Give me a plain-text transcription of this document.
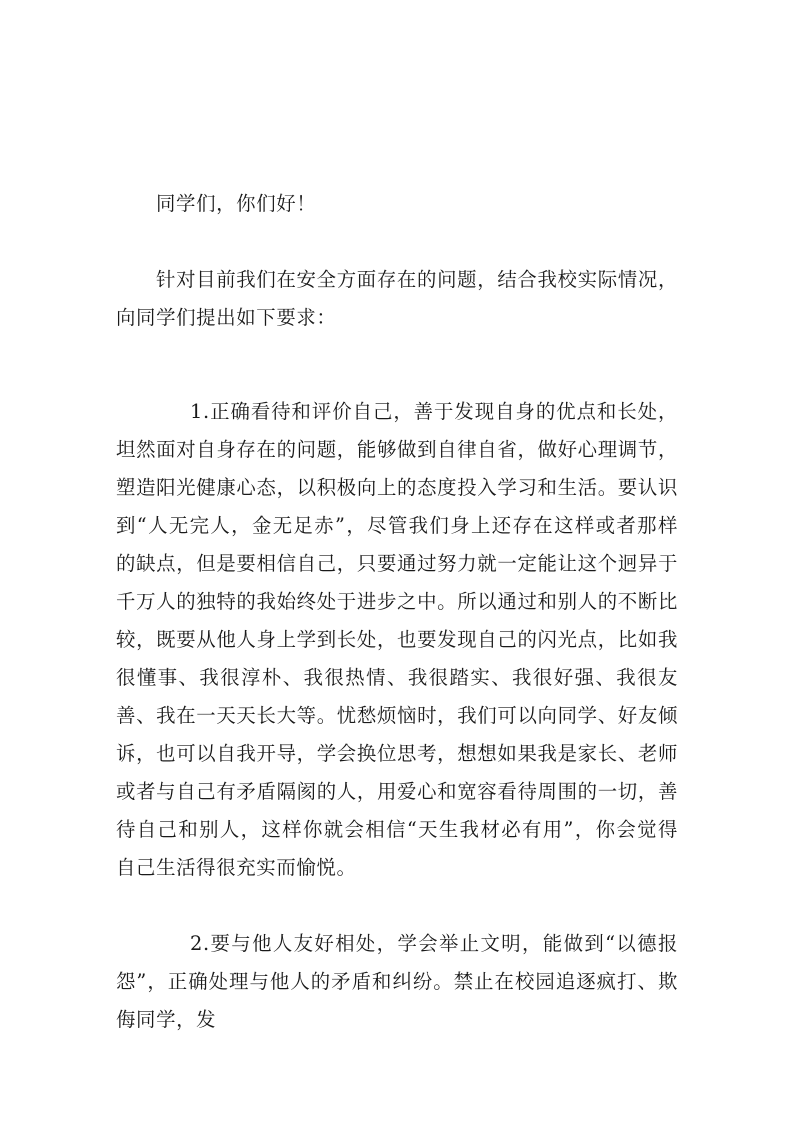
同学们，你们好！

针对目前我们在安全方面存在的问题，结合我校实际情况，向同学们提出如下要求：

1.正确看待和评价自己，善于发现自身的优点和长处，坦然面对自身存在的问题，能够做到自律自省，做好心理调节，塑造阳光健康心态，以积极向上的态度投入学习和生活。要认识到“人无完人，金无足赤”，尽管我们身上还存在这样或者那样的缺点，但是要相信自己，只要通过努力就一定能让这个迥异于千万人的独特的我始终处于进步之中。所以通过和别人的不断比较，既要从他人身上学到长处，也要发现自己的闪光点，比如我很懂事、我很淳朴、我很热情、我很踏实、我很好强、我很友善、我在一天天长大等。忧愁烦恼时，我们可以向同学、好友倾诉，也可以自我开导，学会换位思考，想想如果我是家长、老师或者与自己有矛盾隔阂的人，用爱心和宽容看待周围的一切，善待自己和别人，这样你就会相信“天生我材必有用”，你会觉得自己生活得很充实而愉悦。

2.要与他人友好相处，学会举止文明，能做到“以德报怨”，正确处理与他人的矛盾和纠纷。禁止在校园追逐疯打、欺侮同学，发
